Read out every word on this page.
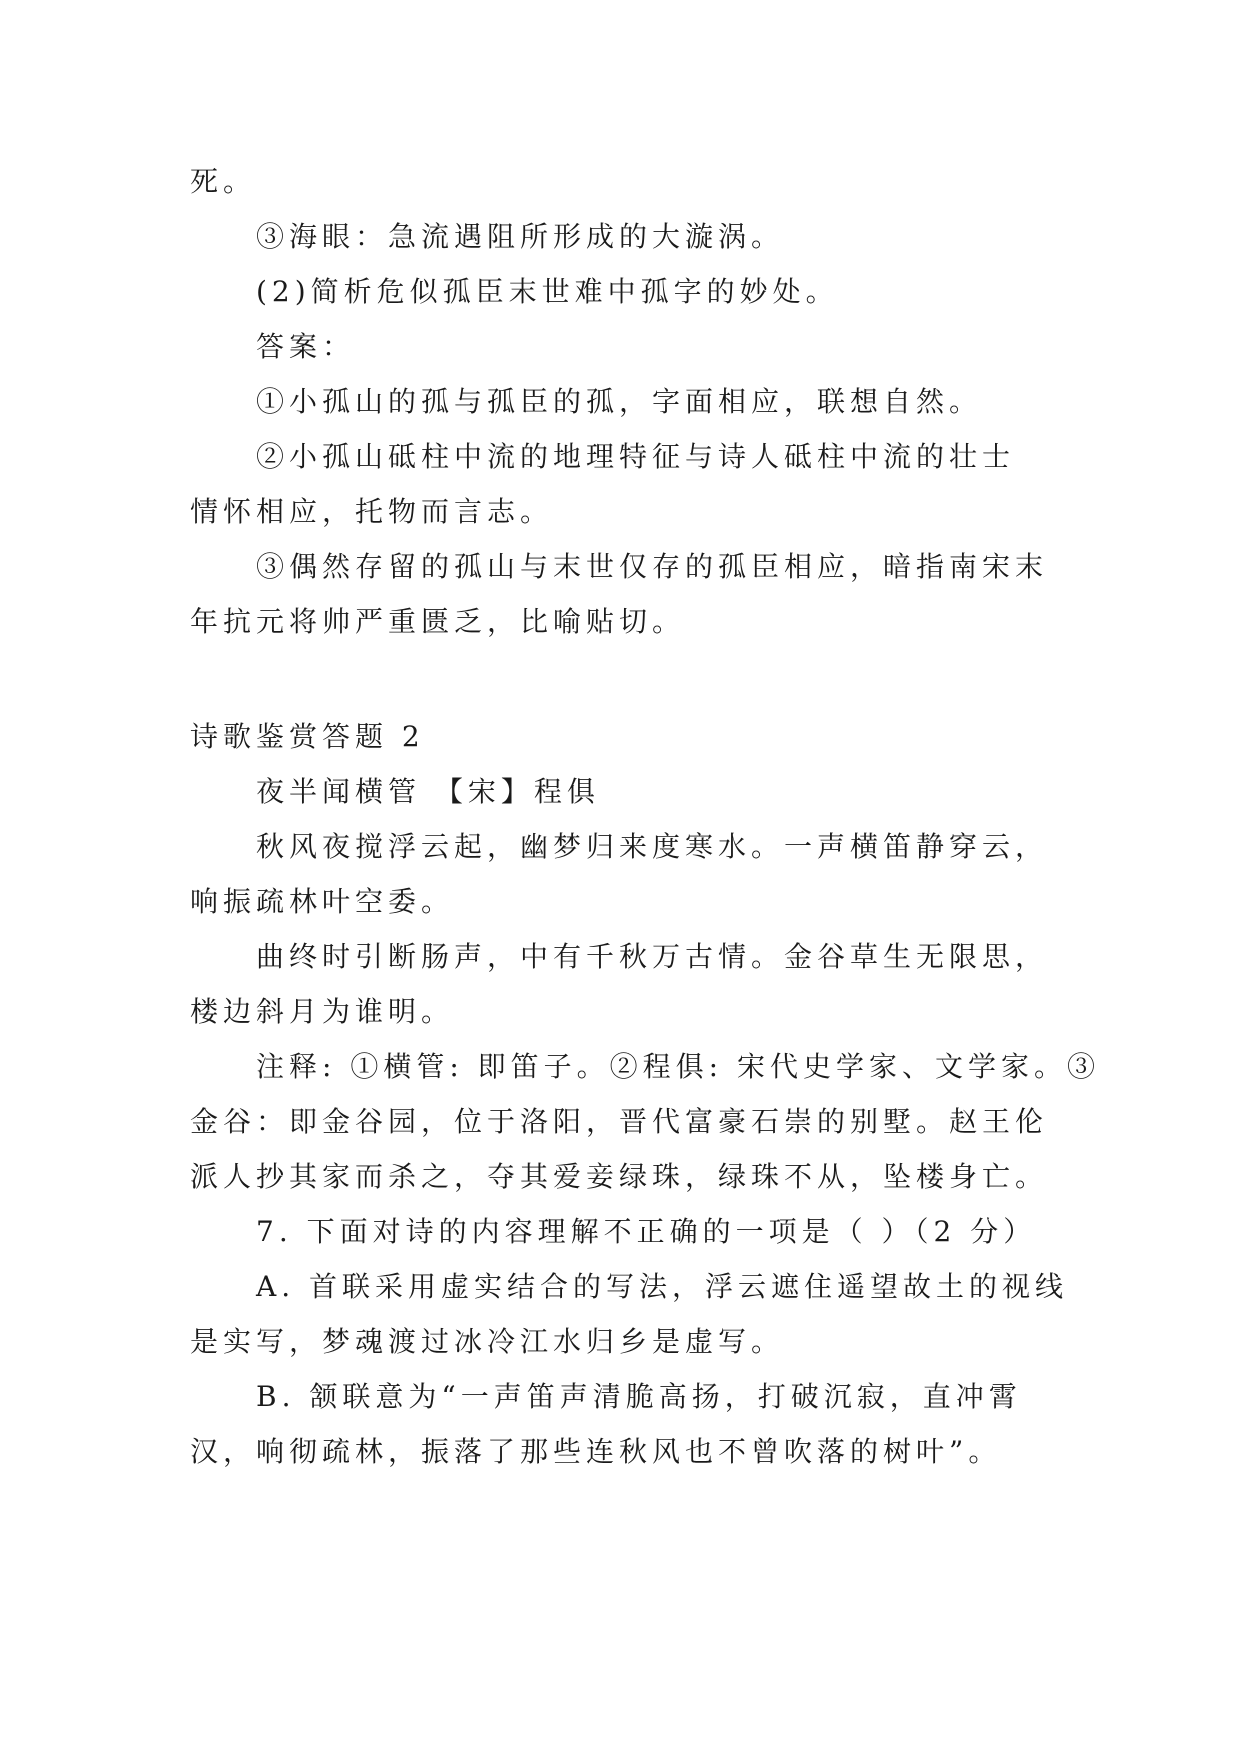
死。
③海眼：急流遇阻所形成的大漩涡。
(2)简析危似孤臣末世难中孤字的妙处。
答案：
①小孤山的孤与孤臣的孤，字面相应，联想自然。
②小孤山砥柱中流的地理特征与诗人砥柱中流的壮士
情怀相应，托物而言志。
③偶然存留的孤山与末世仅存的孤臣相应，暗指南宋末
年抗元将帅严重匮乏，比喻贴切。
诗歌鉴赏答题 2
夜半闻横管 【宋】程俱
秋风夜搅浮云起，幽梦归来度寒水。一声横笛静穿云，
响振疏林叶空委。
曲终时引断肠声，中有千秋万古情。金谷草生无限思，
楼边斜月为谁明。
注释: ①横管: 即笛子。②程俱: 宋代史学家、文学家。③
金谷：即金谷园，位于洛阳，晋代富豪石崇的别墅。赵王伦
派人抄其家而杀之，夺其爱妾绿珠，绿珠不从，坠楼身亡。
7. 下面对诗的内容理解不正确的一项是（ ）（2 分）
A. 首联采用虚实结合的写法，浮云遮住遥望故土的视线
是实写，梦魂渡过冰冷江水归乡是虚写。
B. 颔联意为“一声笛声清脆高扬，打破沉寂，直冲霄
汉，响彻疏林，振落了那些连秋风也不曾吹落的树叶”。
